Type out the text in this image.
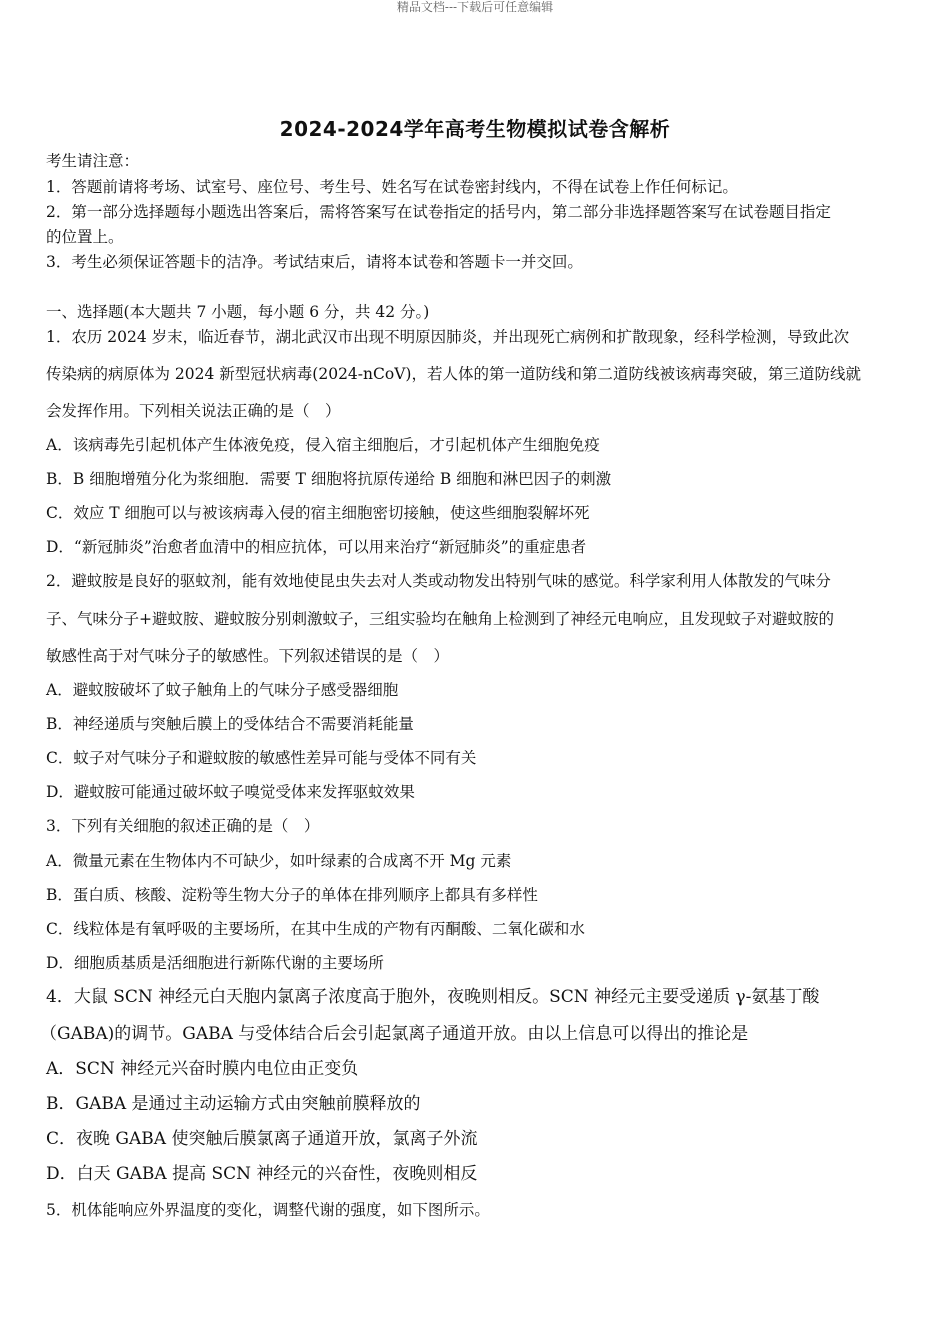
精品文档---下载后可任意编辑
2024-2024学年高考生物模拟试卷含解析
考生请注意：
1．答题前请将考场、试室号、座位号、考生号、姓名写在试卷密封线内，不得在试卷上作任何标记。
2．第一部分选择题每小题选出答案后，需将答案写在试卷指定的括号内，第二部分非选择题答案写在试卷题目指定
的位置上。
3．考生必须保证答题卡的洁净。考试结束后，请将本试卷和答题卡一并交回。
一、选择题(本大题共 7 小题，每小题 6 分，共 42 分。)
1．农历 2024 岁末，临近春节，湖北武汉市出现不明原因肺炎，并出现死亡病例和扩散现象，经科学检测，导致此次
传染病的病原体为 2024 新型冠状病毒(2024-nCoV)，若人体的第一道防线和第二道防线被该病毒突破，第三道防线就
会发挥作用。下列相关说法正确的是（　）
A．该病毒先引起机体产生体液免疫，侵入宿主细胞后，才引起机体产生细胞免疫
B．B 细胞增殖分化为浆细胞．需要 T 细胞将抗原传递给 B 细胞和淋巴因子的刺激
C．效应 T 细胞可以与被该病毒入侵的宿主细胞密切接触，使这些细胞裂解坏死
D．“新冠肺炎”治愈者血清中的相应抗体，可以用来治疗“新冠肺炎”的重症患者
2．避蚊胺是良好的驱蚊剂，能有效地使昆虫失去对人类或动物发出特别气味的感觉。科学家利用人体散发的气味分
子、气味分子+避蚊胺、避蚊胺分别刺激蚊子，三组实验均在触角上检测到了神经元电响应，且发现蚊子对避蚊胺的
敏感性高于对气味分子的敏感性。下列叙述错误的是（　）
A．避蚊胺破坏了蚊子触角上的气味分子感受器细胞
B．神经递质与突触后膜上的受体结合不需要消耗能量
C．蚊子对气味分子和避蚊胺的敏感性差异可能与受体不同有关
D．避蚊胺可能通过破坏蚊子嗅觉受体来发挥驱蚊效果
3．下列有关细胞的叙述正确的是（　）
A．微量元素在生物体内不可缺少，如叶绿素的合成离不开 Mg 元素
B．蛋白质、核酸、淀粉等生物大分子的单体在排列顺序上都具有多样性
C．线粒体是有氧呼吸的主要场所，在其中生成的产物有丙酮酸、二氧化碳和水
D．细胞质基质是活细胞进行新陈代谢的主要场所
4．大鼠 SCN 神经元白天胞内氯离子浓度高于胞外，夜晚则相反。SCN 神经元主要受递质 γ-氨基丁酸
（GABA)的调节。GABA 与受体结合后会引起氯离子通道开放。由以上信息可以得出的推论是
A．SCN 神经元兴奋时膜内电位由正变负
B．GABA 是通过主动运输方式由突触前膜释放的
C．夜晚 GABA 使突触后膜氯离子通道开放，氯离子外流
D．白天 GABA 提高 SCN 神经元的兴奋性，夜晚则相反
5．机体能响应外界温度的变化，调整代谢的强度，如下图所示。
